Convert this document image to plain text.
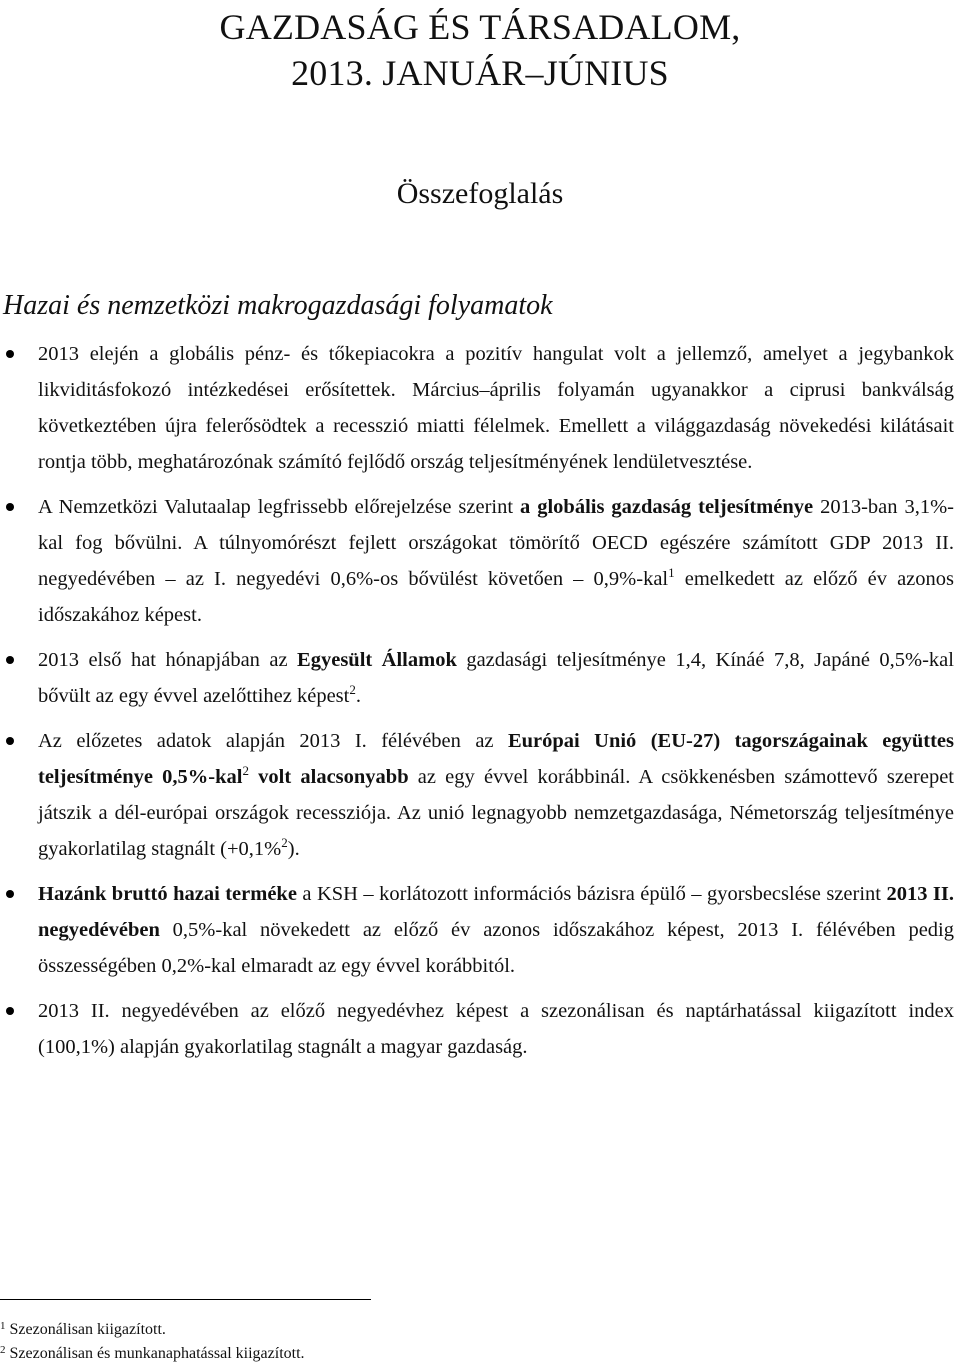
GAZDASÁG ÉS TÁRSADALOM,
2013. JANUÁR–JÚNIUS
Összefoglalás
Hazai és nemzetközi makrogazdasági folyamatok
2013 elején a globális pénz- és tőkepiacokra a pozitív hangulat volt a jellemző, amelyet a jegybankok likviditásfokozó intézkedései erősítettek. Március–április folyamán ugyanakkor a ciprusi bankválság következtében újra felerősödtek a recesszió miatti félelmek. Emellett a világgazdaság növekedési kilátásait rontja több, meghatározónak számító fejlődő ország teljesítményének lendületvesztése.
A Nemzetközi Valutaalap legfrissebb előrejelzése szerint a globális gazdaság teljesítménye 2013-ban 3,1%-kal fog bővülni. A túlnyomórészt fejlett országokat tömörítő OECD egészére számított GDP 2013 II. negyedévében – az I. negyedévi 0,6%-os bővülést követően – 0,9%-kal$^1$ emelkedett az előző év azonos időszakához képest.
2013 első hat hónapjában az Egyesült Államok gazdasági teljesítménye 1,4, Kínáé 7,8, Japáné 0,5%-kal bővült az egy évvel azelőttihez képest$^2$.
Az előzetes adatok alapján 2013 I. félévében az Európai Unió (EU-27) tagországainak együttes teljesítménye 0,5%-kal$^2$ volt alacsonyabb az egy évvel korábbinál. A csökkenésben számottevő szerepet játszik a dél-európai országok recessziója. Az unió legnagyobb nemzetgazdasága, Németország teljesítménye gyakorlatilag stagnált (+0,1%$^2$).
Hazánk bruttó hazai terméke a KSH – korlátozott információs bázisra épülő – gyorsbecslése szerint 2013 II. negyedévében 0,5%-kal növekedett az előző év azonos időszakához képest, 2013 I. félévében pedig összességében 0,2%-kal elmaradt az egy évvel korábbitól.
2013 II. negyedévében az előző negyedévhez képest a szezonálisan és naptárhatással kiigazított index (100,1%) alapján gyakorlatilag stagnált a magyar gazdaság.
$^1$ Szezonálisan kiigazított.
$^2$ Szezonálisan és munkanaphatással kiigazított.
